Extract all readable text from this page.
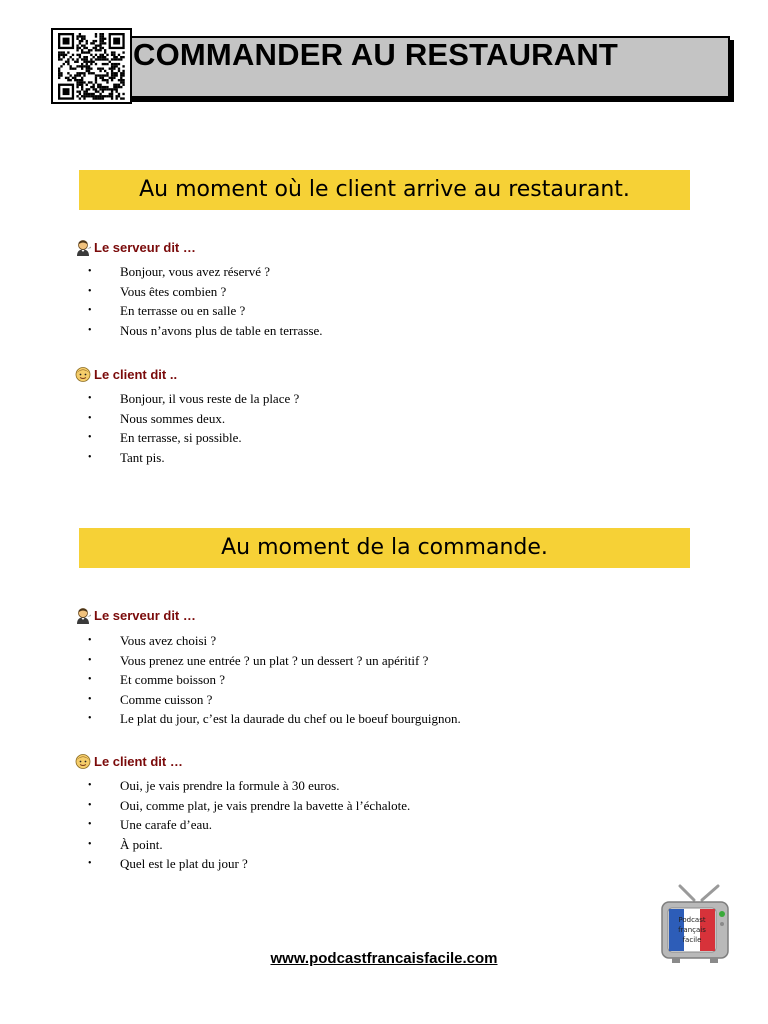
COMMANDER AU RESTAURANT
Au moment où le client arrive au restaurant.
Le serveur dit …
• Bonjour, vous avez réservé ?
• Vous êtes combien ?
• En terrasse ou en salle ?
• Nous n’avons plus de table en terrasse.
Le client dit ..
• Bonjour, il vous reste de la place ?
• Nous sommes deux.
• En terrasse, si possible.
• Tant pis.
Au moment de la commande.
Le serveur dit …
• Vous avez choisi ?
• Vous prenez une entrée ? un plat ? un dessert ? un apéritif ?
• Et comme boisson ?
• Comme cuisson ?
• Le plat du jour, c’est la daurade du chef ou le boeuf bourguignon.
Le client dit …
• Oui, je vais prendre la formule à 30 euros.
• Oui, comme plat, je vais prendre la bavette à l’échalote.
• Une carafe d’eau.
• À point.
• Quel est le plat du jour ?
www.podcastfrancaisfacile.com
Podcast
français
facile
